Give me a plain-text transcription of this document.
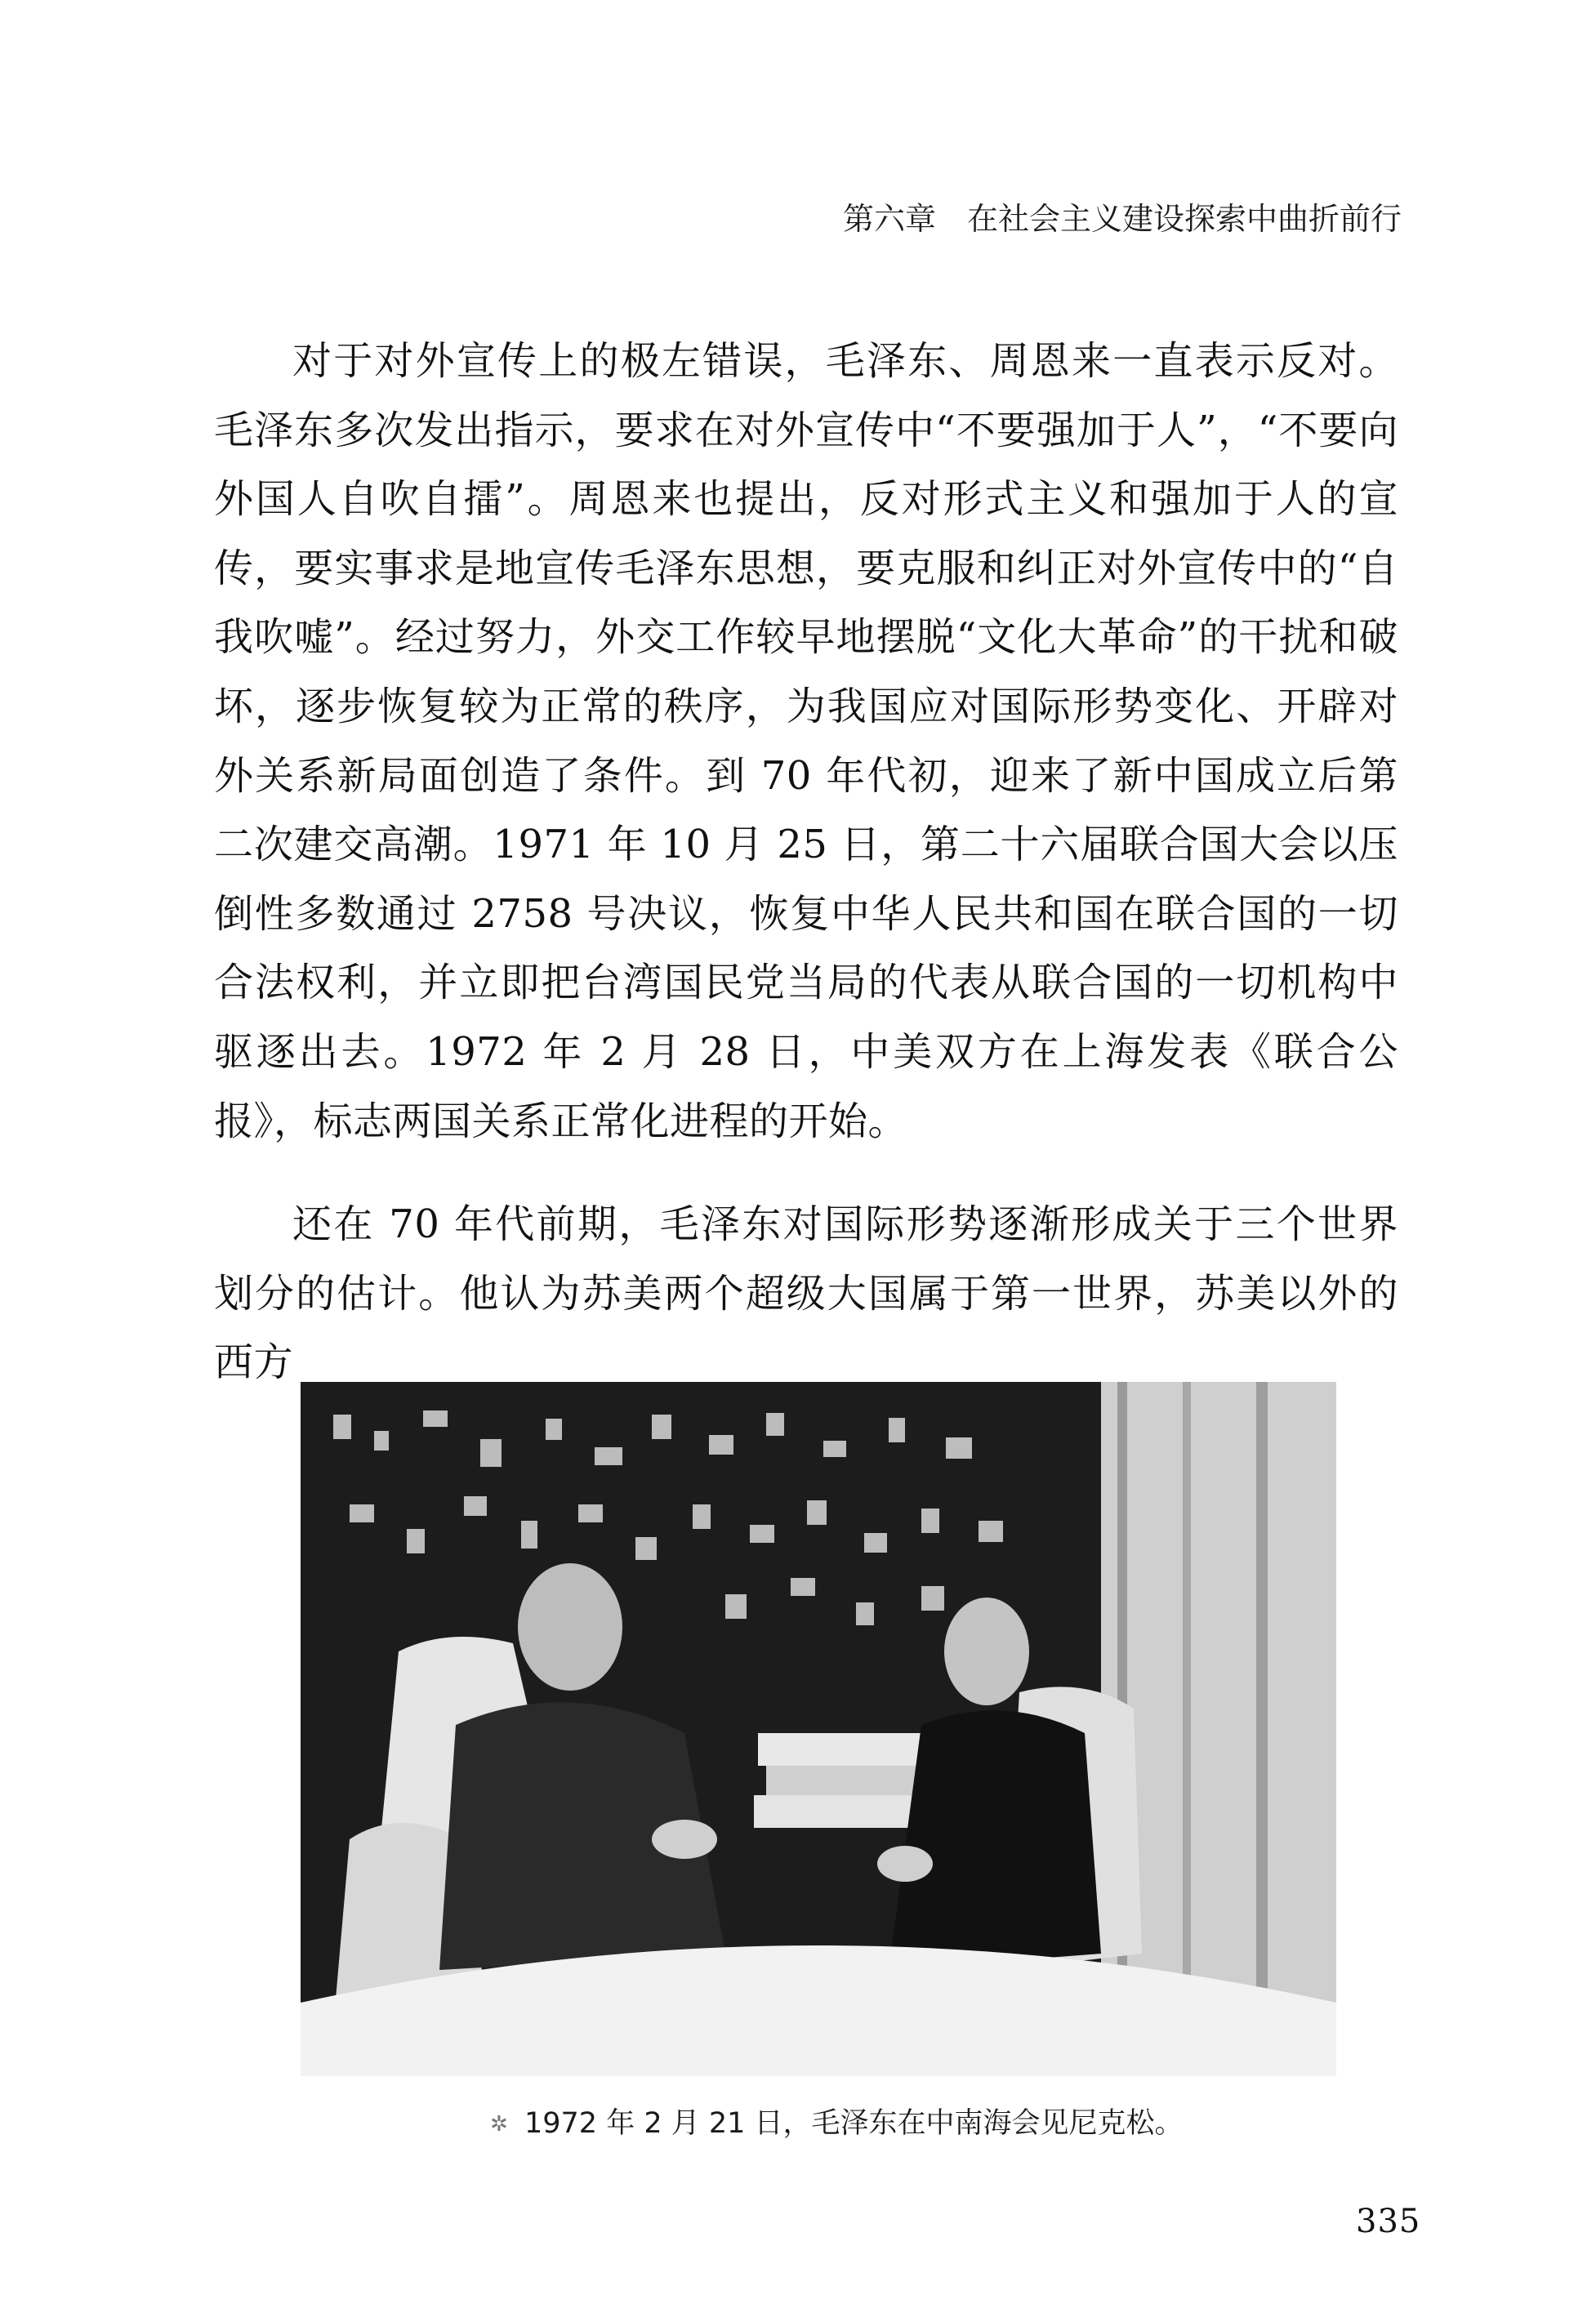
第六章 在社会主义建设探索中曲折前行

对于对外宣传上的极左错误，毛泽东、周恩来一直表示反对。毛泽东多次发出指示，要求在对外宣传中“不要强加于人”，“不要向外国人自吹自擂”。周恩来也提出，反对形式主义和强加于人的宣传，要实事求是地宣传毛泽东思想，要克服和纠正对外宣传中的“自我吹嘘”。经过努力，外交工作较早地摆脱“文化大革命”的干扰和破坏，逐步恢复较为正常的秩序，为我国应对国际形势变化、开辟对外关系新局面创造了条件。到 70 年代初，迎来了新中国成立后第二次建交高潮。1971 年 10 月 25 日，第二十六届联合国大会以压倒性多数通过 2758 号决议，恢复中华人民共和国在联合国的一切合法权利，并立即把台湾国民党当局的代表从联合国的一切机构中驱逐出去。1972 年 2 月 28 日，中美双方在上海发表《联合公报》，标志两国关系正常化进程的开始。

还在 70 年代前期，毛泽东对国际形势逐渐形成关于三个世界划分的估计。他认为苏美两个超级大国属于第一世界，苏美以外的西方

✲ 1972 年 2 月 21 日，毛泽东在中南海会见尼克松。
335
